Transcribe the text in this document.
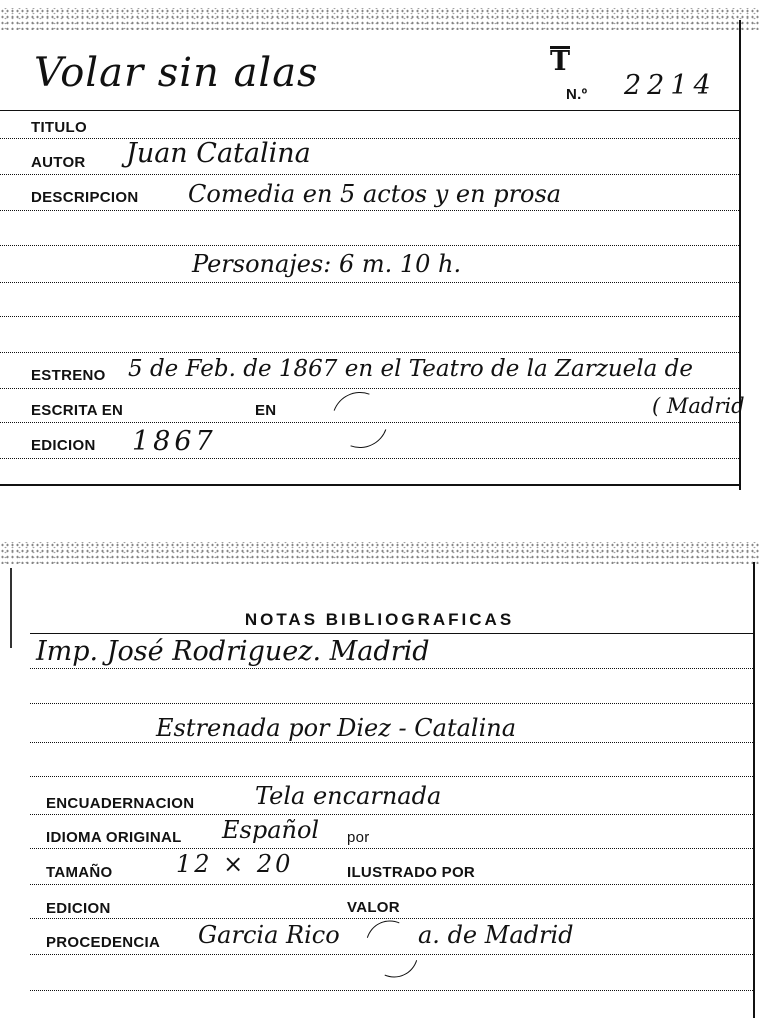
Volar sin alas	T
N.º 2214
TITULO
AUTOR Juan Catalina
DESCRIPCION Comedia en 5 actos y en prosa
Personajes: 6 m. 10 h.
ESTRENO 5 de Feb. de 1867 en el Teatro de la Zarzuela de
ESCRITA EN	EN	( Madrid
EDICION 1867
NOTAS BIBLIOGRAFICAS
Imp. José Rodriguez. Madrid
Estrenada por Diez - Catalina
ENCUADERNACION	Tela encarnada
IDIOMA ORIGINAL Español por
TAMAÑO	12 × 20	ILUSTRADO POR
EDICION	VALOR
PROCEDENCIA Garcia Rico	a. de Madrid
